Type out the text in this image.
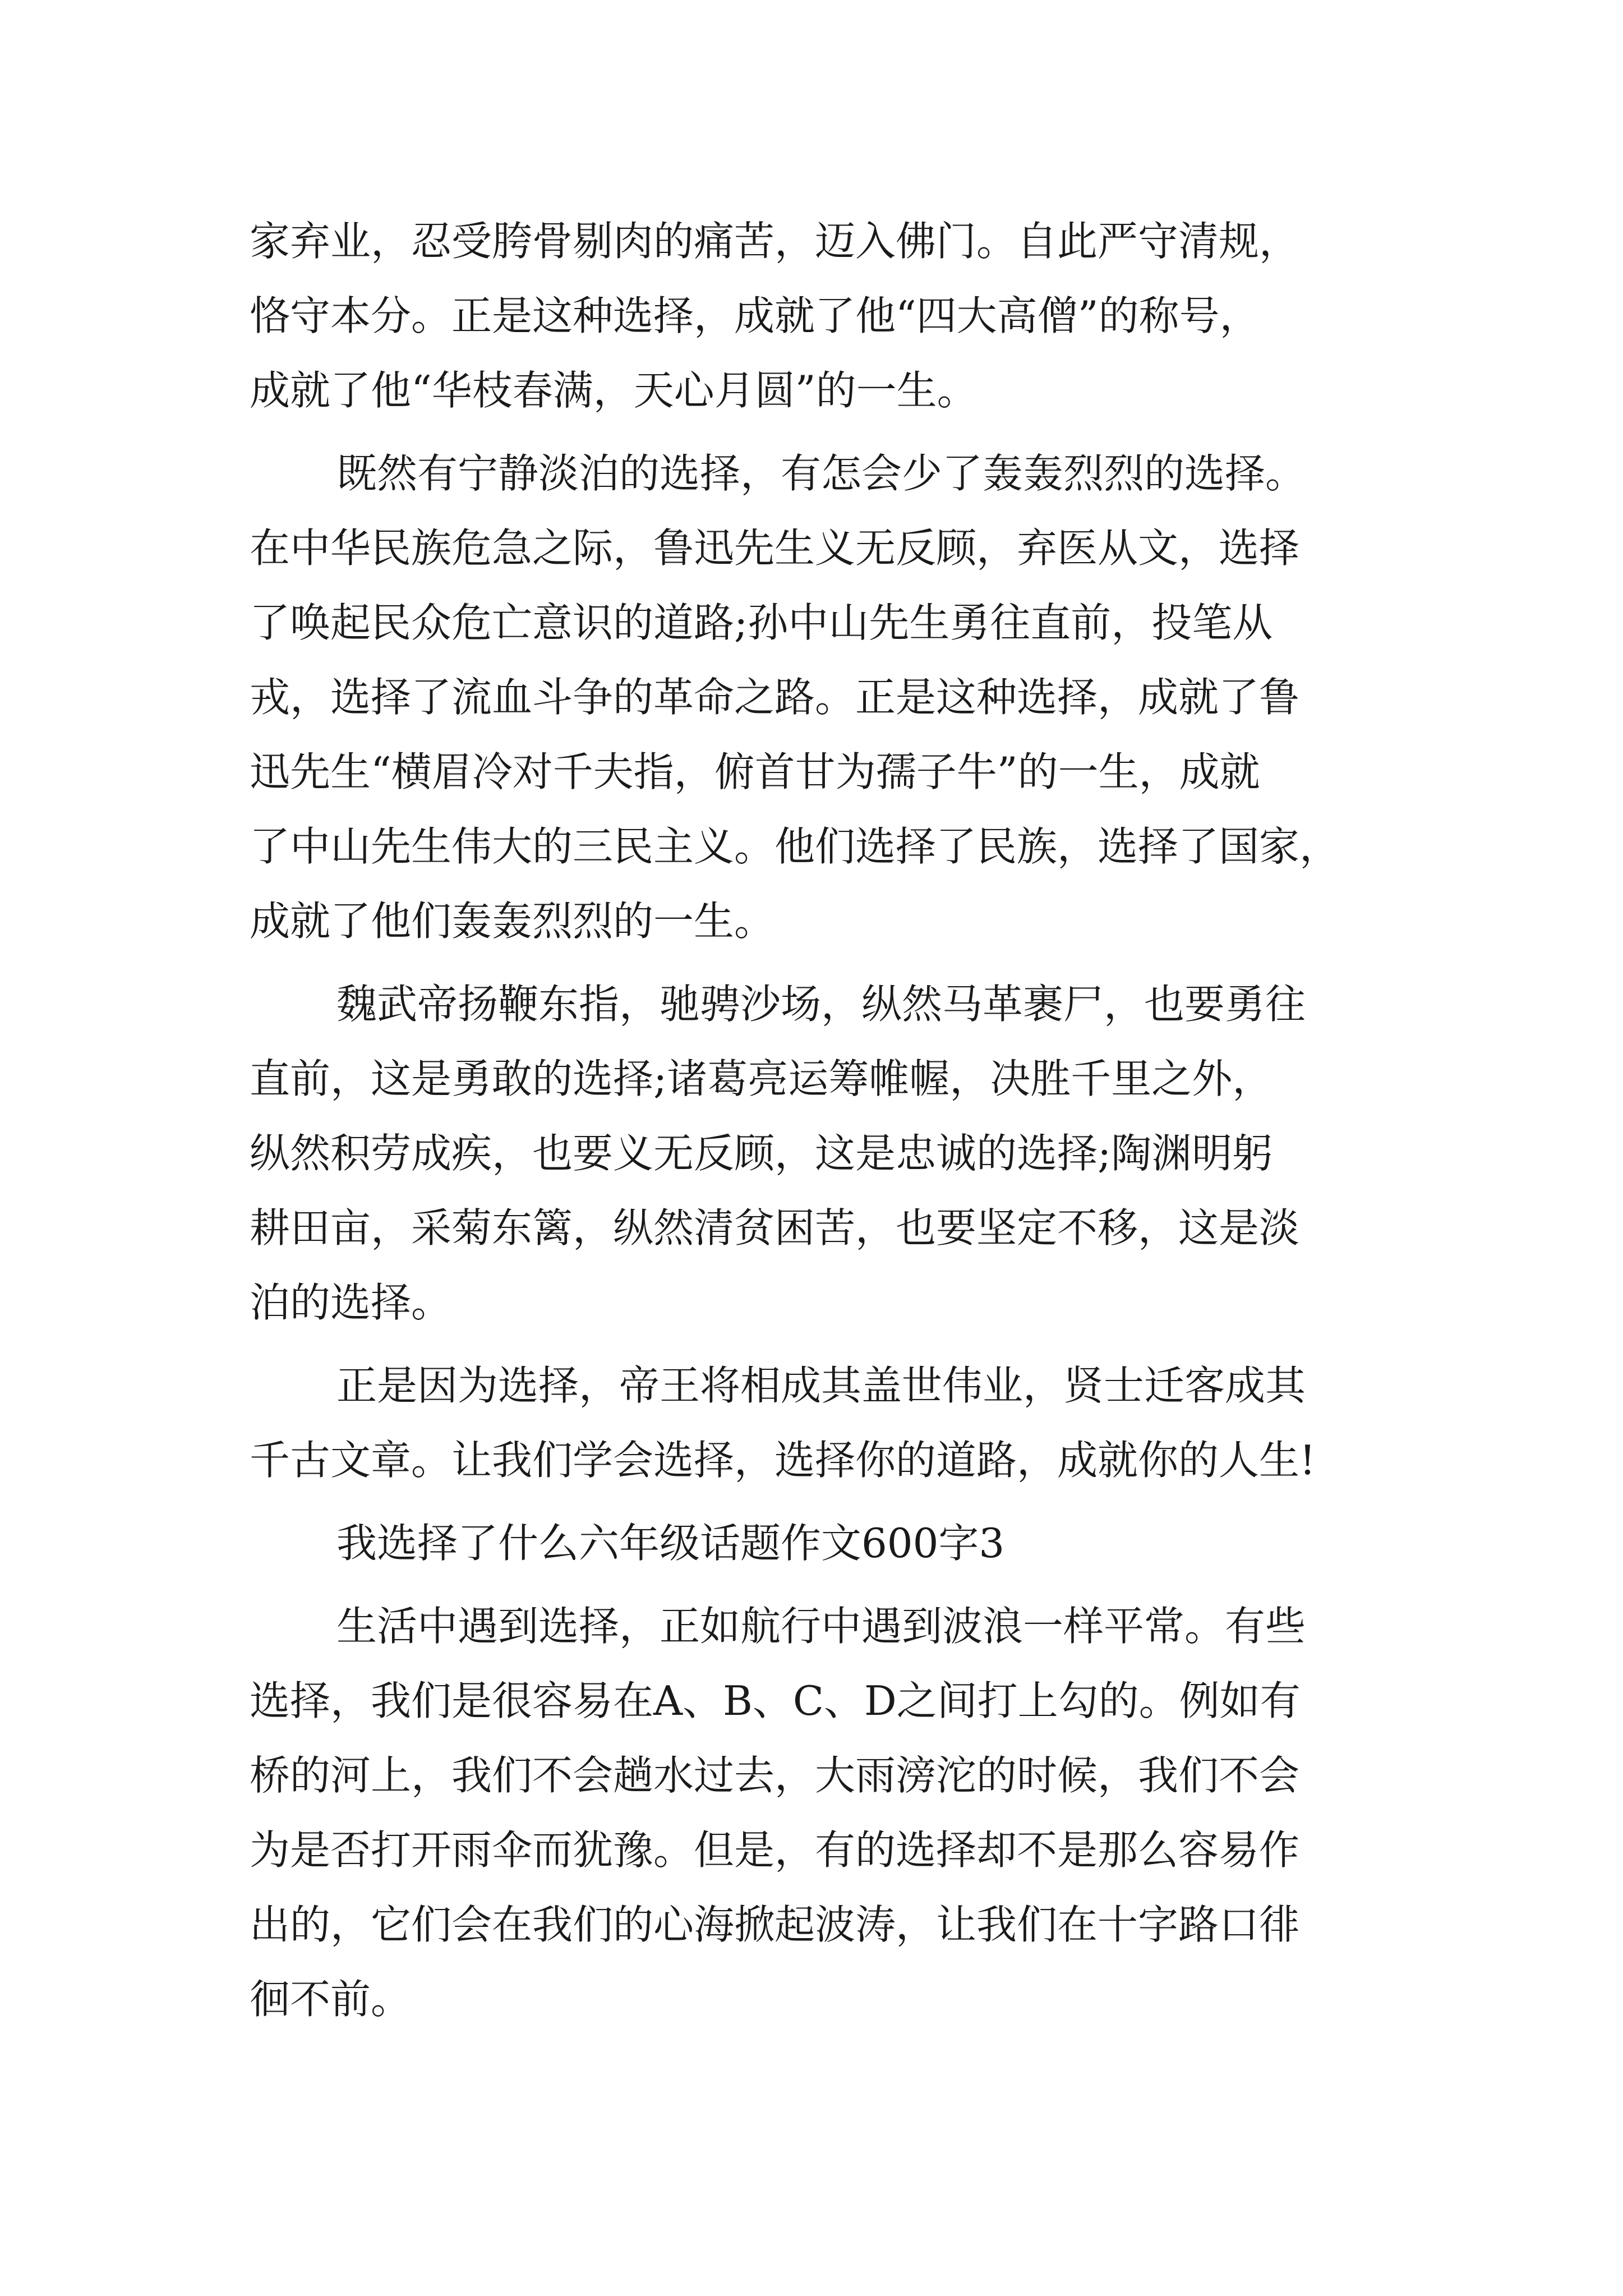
家弃业，忍受胯骨剔肉的痛苦，迈入佛门。自此严守清规，
恪守本分。正是这种选择，成就了他“四大高僧”的称号，
成就了他“华枝春满，天心月圆”的一生。
既然有宁静淡泊的选择，有怎会少了轰轰烈烈的选择。
在中华民族危急之际，鲁迅先生义无反顾，弃医从文，选择
了唤起民众危亡意识的道路;孙中山先生勇往直前，投笔从
戎，选择了流血斗争的革命之路。正是这种选择，成就了鲁
迅先生“横眉冷对千夫指，俯首甘为孺子牛”的一生，成就
了中山先生伟大的三民主义。他们选择了民族，选择了国家，
成就了他们轰轰烈烈的一生。
魏武帝扬鞭东指，驰骋沙场，纵然马革裹尸，也要勇往
直前，这是勇敢的选择;诸葛亮运筹帷幄，决胜千里之外，
纵然积劳成疾，也要义无反顾，这是忠诚的选择;陶渊明躬
耕田亩，采菊东篱，纵然清贫困苦，也要坚定不移，这是淡
泊的选择。
正是因为选择，帝王将相成其盖世伟业，贤士迁客成其
千古文章。让我们学会选择，选择你的道路，成就你的人生!
我选择了什么六年级话题作文600字3
生活中遇到选择，正如航行中遇到波浪一样平常。有些
选择，我们是很容易在A、B、C、D之间打上勾的。例如有
桥的河上，我们不会趟水过去，大雨滂沱的时候，我们不会
为是否打开雨伞而犹豫。但是，有的选择却不是那么容易作
出的，它们会在我们的心海掀起波涛，让我们在十字路口徘
徊不前。
